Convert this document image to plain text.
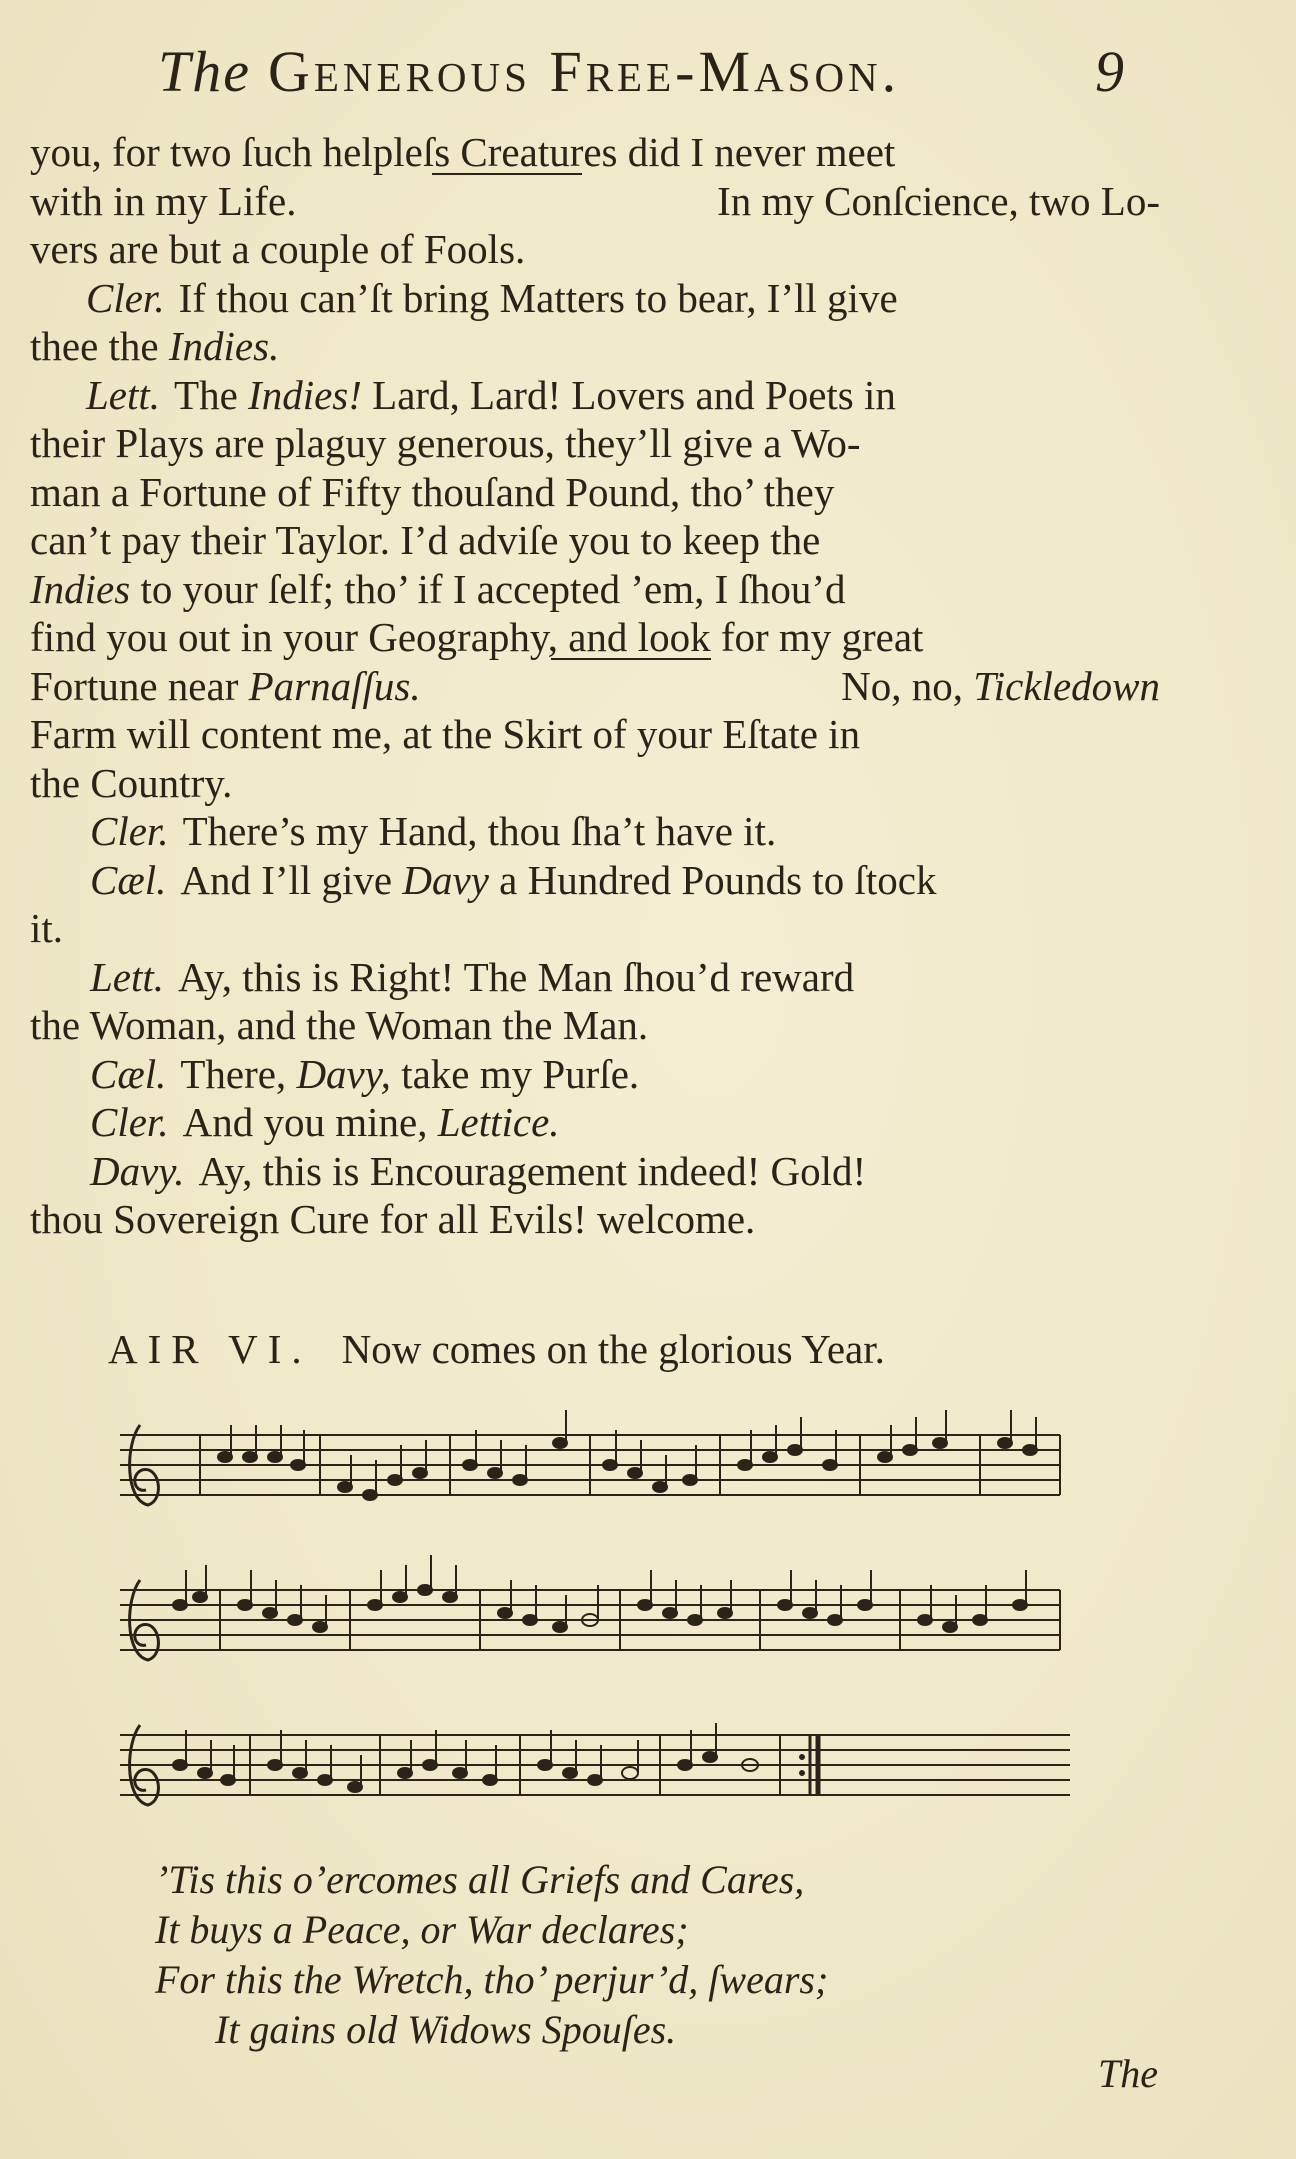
The Generous Free-Mason.	9
you, for two ſuch helpleſs Creatures did I never meet
with in my Life.	In my Conſcience, two Lo-
vers are but a couple of Fools.
Cler. If thou can’ſt bring Matters to bear, I’ll give
thee the
Indies.
Lett. The Indies! Lard, Lard! Lovers and Poets in
their Plays are plaguy generous, they’ll give a Wo-
man a Fortune of Fifty thouſand Pound, tho’ they
can’t pay their Taylor. I’d adviſe you to keep the
Indies
to your ſelf; tho’ if I accepted ’em, I ſhou’d
find you out in your Geography, and look for my great
Fortune near Parnaſſus.	No, no, Tickledown
Farm will content me, at the Skirt of your Eſtate in
the Country.
Cler. There’s my Hand, thou ſha’t have it.
Cæl. And I’ll give
Davy
a Hundred Pounds to ſtock
it.
Lett. Ay, this is Right! The Man ſhou’d reward
the Woman, and the Woman the Man.
Cæl. There,
Davy,
take my Purſe.
Cler. And you mine,
Lettice.
Davy. Ay, this is Encouragement indeed! Gold!
thou Sovereign Cure for all Evils! welcome.
AIR VI. Now comes on the glorious Year.
’Tis this o’ercomes all Griefs and Cares,
It buys a Peace, or War declares;
For this the Wretch, tho’ perjur’d, ſwears;
It gains old Widows Spouſes.
The
